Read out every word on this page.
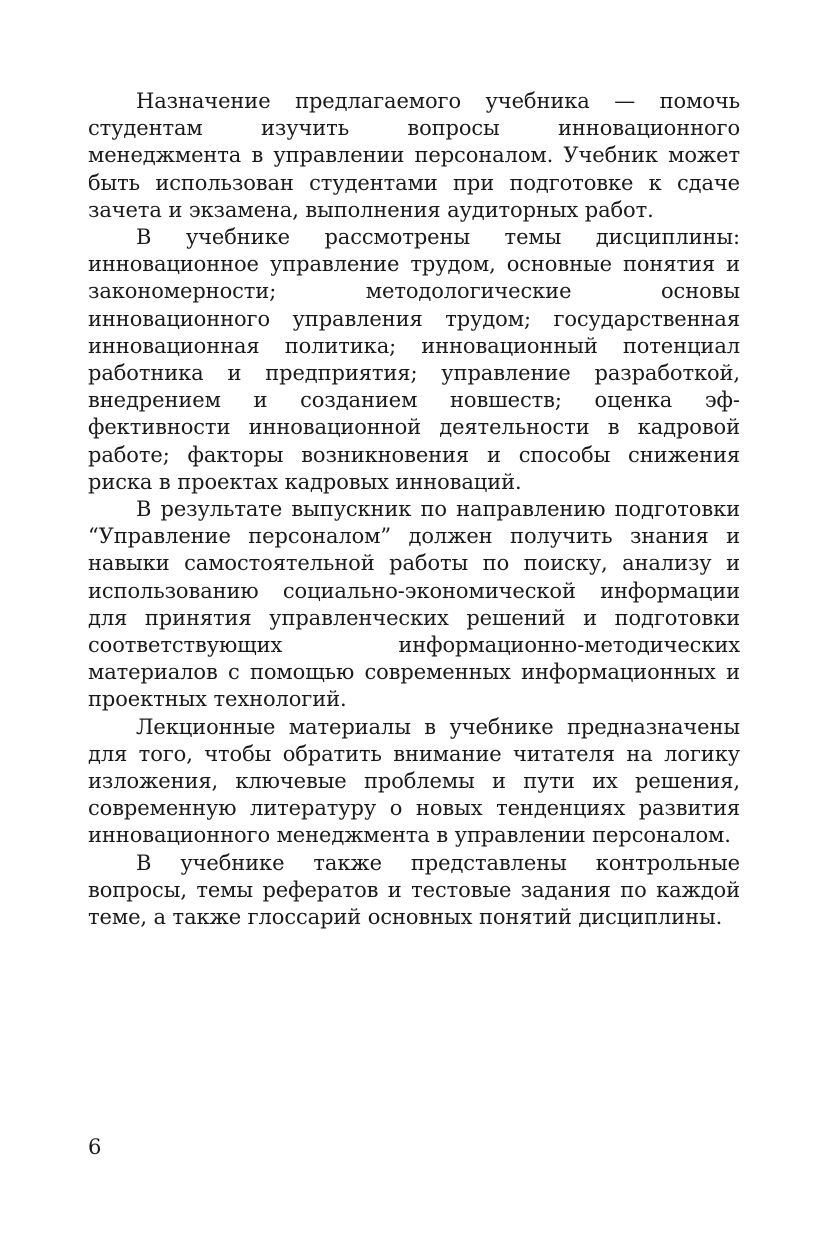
Назначение предлагаемого учебника — помочь студентам изучить вопросы инновационного менеджмента в управлении персоналом. Учебник может быть использован студентами при подготовке к сдаче зачета и экзамена, выполнения аудиторных работ.

В учебнике рассмотрены темы дисциплины: инновационное управление трудом, основные понятия и закономерности; методологические основы инновационного управления трудом; государственная инновационная политика; инновационный потенциал работника и предприятия; управление разработкой, внедрением и созданием новшеств; оценка эффективности инновационной деятельности в кадровой работе; факторы возникновения и способы снижения риска в проектах кадровых инноваций.

В результате выпускник по направлению подготовки “Управление персоналом” должен получить знания и навыки самостоятельной работы по поиску, анализу и использованию социально-экономической информации для принятия управленческих решений и подготовки соответствующих информационно-методических материалов с помощью современных информационных и проектных технологий.

Лекционные материалы в учебнике предназначены для того, чтобы обратить внимание читателя на логику изложения, ключевые проблемы и пути их решения, современную литературу о новых тенденциях развития инновационного менеджмента в управлении персоналом.

В учебнике также представлены контрольные вопросы, темы рефератов и тестовые задания по каждой теме, а также глоссарий основных понятий дисциплины.

6
